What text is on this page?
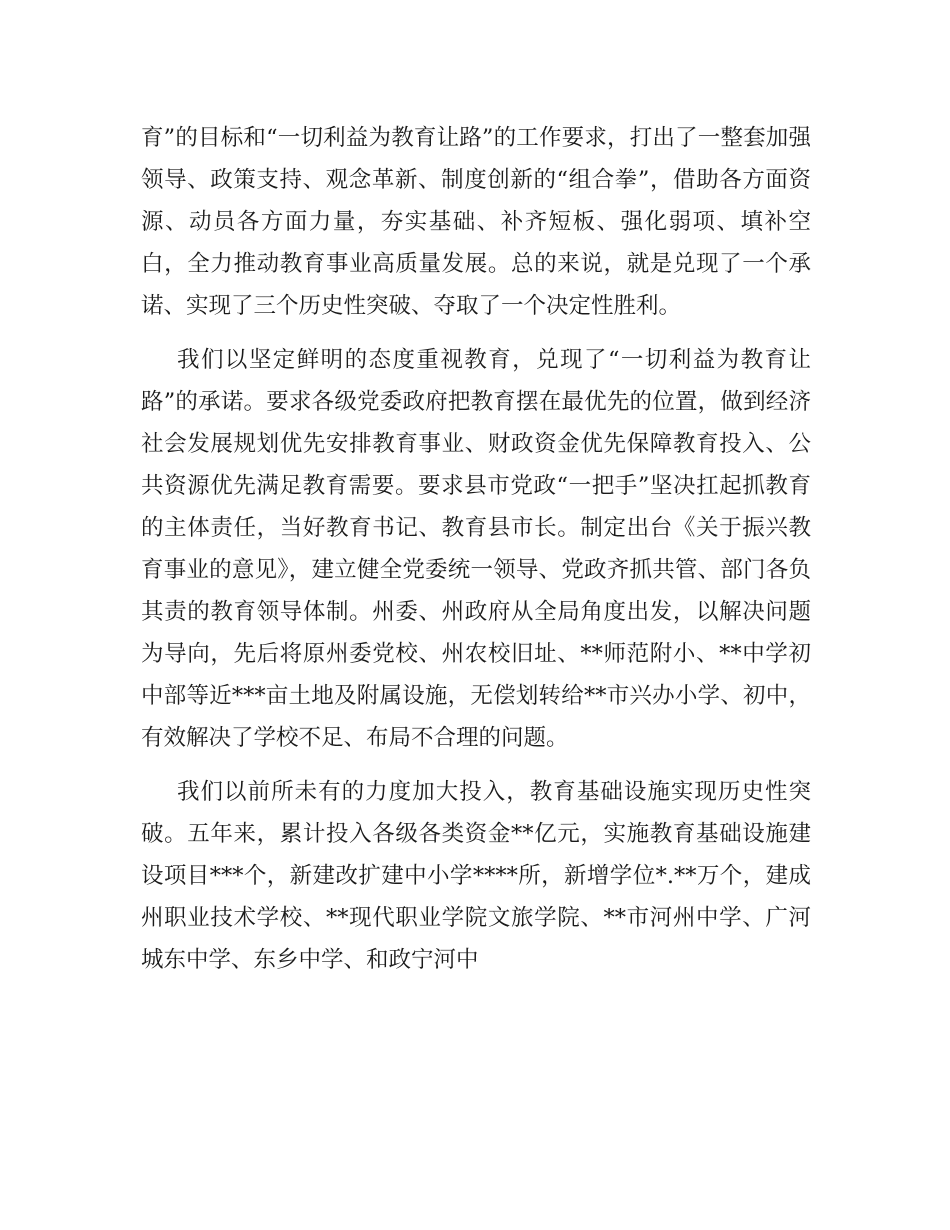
育”的目标和“一切利益为教育让路”的工作要求，打出了一整套加强领导、政策支持、观念革新、制度创新的“组合拳”，借助各方面资源、动员各方面力量，夯实基础、补齐短板、强化弱项、填补空白，全力推动教育事业高质量发展。总的来说，就是兑现了一个承诺、实现了三个历史性突破、夺取了一个决定性胜利。

我们以坚定鲜明的态度重视教育，兑现了“一切利益为教育让路”的承诺。要求各级党委政府把教育摆在最优先的位置，做到经济社会发展规划优先安排教育事业、财政资金优先保障教育投入、公共资源优先满足教育需要。要求县市党政“一把手”坚决扛起抓教育的主体责任，当好教育书记、教育县市长。制定出台《关于振兴教育事业的意见》，建立健全党委统一领导、党政齐抓共管、部门各负其责的教育领导体制。州委、州政府从全局角度出发，以解决问题为导向，先后将原州委党校、州农校旧址、**师范附小、**中学初中部等近***亩土地及附属设施，无偿划转给**市兴办小学、初中，有效解决了学校不足、布局不合理的问题。

我们以前所未有的力度加大投入，教育基础设施实现历史性突破。五年来，累计投入各级各类资金**亿元，实施教育基础设施建设项目***个，新建改扩建中小学****所，新增学位*.**万个，建成州职业技术学校、**现代职业学院文旅学院、**市河州中学、广河城东中学、东乡中学、和政宁河中
